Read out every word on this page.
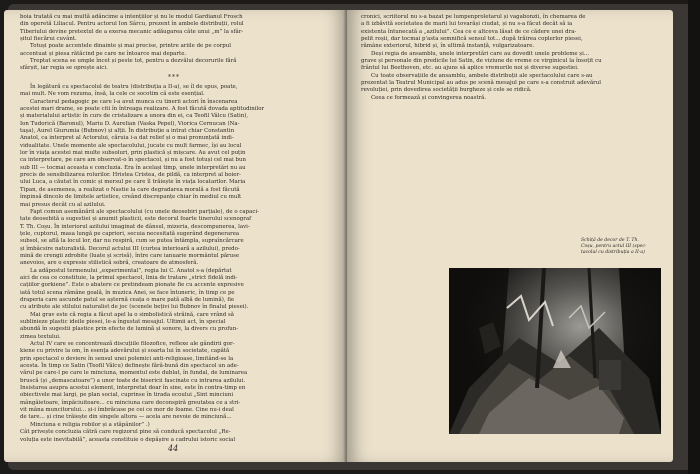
boia tratată cu mai multă adâncime a intențiilor și nu le modul Gardianul Frosch

din operetă Liliacul. Pentru actorul Ion Sârcu, prezent în ambele distribuții, rolul

Tiberiului devine pretextul de a exersa mecanic adăugarea câte unui „m” la sfâr-

șitul fiecărui cuvânt.

Totuși poate accentele dinainte și mai precise, printre ariile de pe corpul

accentuat și piesa rătăcind pe care ne întoarce mai departe.

Treptat scena se umple încet și peste tot, pentru a dezvălui decorurile fără

sfârșit, iar regia se oprește aici.

***

În legătură cu spectacolul de teatru (distribuția a II-a), se îl de spus, poate,

mai mult. Ne vom rezuma, însă, la cele ce socotim că este esențial.

Caracterul pedagogic pe care l-a avut munca cu tinerii actori în înscenarea

acestei mari drame, se poate citi în întreaga realizare. A fost făcută dovada aptitudinilor

și materialului artistic în curs de cristalizare a unora din ei, ca Teofil Vâlcu (Satin),

Ion Tudorică (Baronul), Mariu D. Aurelian (Vaska Pepel), Viorica Cernucan (Na-

taşa), Aurel Giurumia (Bubnov) și alții. În distribuție a intrat chiar Constantin

Anatol, ca interpret al Actorului, căruia i-a dat relief și o mai pronunțată indi-

vidualitate. Unele momente ale spectacolului, jucate cu mult farmec, își au locul

lor în viața acestei mai multe subsoluri, prin plastică și mișcare. Au avut cel puțin

ca interpretare, pe care am observat-o în spectacol, și nu a fost totuși cel mai bun

sub III — tocmai aceasta e concluzia. Era în același timp, unele interpretări nu au

precis de sensibilizarea rolurilor. Hristea Cristea, de pildă, ca interpret al boier-

ului Luca, a căutat în comic și mersul pe care îl trăiește în viața locatarilor. Maria

Tipan, de asemenea, a realizat o Nastie la care degradarea morală a fost făcută

împinsă dincolo de limitele artistice, creând discrepanțe chiar în mediul cu mult

mai presus decât cu al azilului.

Fapt comun asemănării ale spectacolului (cu unele deosebiri parțiale), de o capaci-

tate deosebită a sugestiei și anumit plasticii, este decorul foarte tinerului scenograf

T. Th. Coșu. În interiorul azilului imaginat de dânsul, mizeria, descompunerea, lavi-

țele, cuptorul, masa lungă pe capriori, secuia necesitată sugerând degenerarea

subsol, se află la locul lor, dar nu respiră, cum se putea întâmpla, supraîncărcare

și îmbâcsire naturalistă. Decorul actului III (curtea interioară a azilului), predo-

mină de crengii zdrobite (luate și scrisă), între care ianuarie mormântul păruse

anevoios, are o expresie stilistică sobră, creatoare de atmosferă.

La adăpostul termenului „experimental”, regia lui C. Anatol s-a (depărtat

aici de cea ce constituie, la primul spectacol, linia de tratare „strict fidelă indi-

cațiilor gorkiene”. Este o abatere ce pretindeam pionate fie cu accente expresive

iată totul scena rămâne goală, în muzica Anei, se face întuneric, în timp ce pe

draperia care ascunde patul se așternă ceața o mare pată albă de lumină), fie

cu atribute ale stilului naturalist de joc (scenele bețivi lui Bubnov în finalul piesei).

Mai grav este că regia a făcut apel la o simbolistică străină, care vrând să

sublinieze plastic ideile piesei, le-a îngustat mesajul. Ultimii act, în special

abundă în sugestii plastice prin efecte de lumină și sonore, la divers cu profun-

zimea textului.

Actul IV care se concentrează discuțiile filozofice, reflexe ale gândirii gor-

kiene cu privire la om, în esența adevărului și soarta lui în societate, capătă

prin spectacol o deviere în sensul unei polemici anti-religioase, limitând-se la

acesta. În timp ce Satin (Teofil Vâlcu) definește fără-bună din spectacol un ade-

vărul pe care-l pe care le minciuna, momentul este dublat, în fundal, de luminarea

bruscă (și „demascatoare”) a unor toate de bisericii fascinate cu intrarea azilului.

Insistarea asupra acestui element, interpretat doar în sine, este în contra-timp en

obiectivele mai largi, pe plan social, cuprinse în tirada ecoului „Sint minciuni

mângâietoare, împăciuitoare... cu minciuna care deconspiră greutatea ce a stri-

vit mâna muncitorului... și-i îmbrăcase pe cei ce mor de foame. Cine nu-i deal

de tare... și cine trăiește din singele altora — acela are nevoie de minciună...

Minciuna e religia robilor și a stăpânilor” .)

Cât privește concluzia cătră care regizorul pine să conducă spectacolul „Re-

voluția este inevitabilă”, aceasta constituie o depășire a cadrului istoric social

44

cronici, scriitorul nu s-a bazat pe lumpenproletarul și vagabonzii, în chemarea de

a fi izbăvită societatea de marii lui tovarăși ciudat, și nu s-a făcut decât să ia

existenta întunecată a „azilului”. Cea ce e altceva lăsat de ce cădere unei dra-

pelit roșii, dar tocmai p'asta semnifică sensul tot... după trăirea coplerlor piesei,

rămâne exteriorul, hibrid și, în ultimă instanță, vulgarizatoare.

Deși regia de ansamblu, unele interpretări care au dovedit unele probleme și...

grave și personale din predicile lui Satin, de viziune de vreme ce virginicul la însoțit cu

frântul lui Beethoven, etc. au ajuns să aplice vremurile noi și diverse sugestiei.

Cu toate observațiile de ansamblu, ambele distribuții ale spectacolului care s-au

prezentat la Teatrul Municipal au adus pe scenă mesajul pe care s-a construit adevărul

revoluției, prin dovedirea societății burgheze și cele se ridică.

Ceea ce formează și convingerea noastră.

Schiță de decor de T. Th.
Coșu, pentru actul III (spec-
tacolul cu distribuția a II-a)
